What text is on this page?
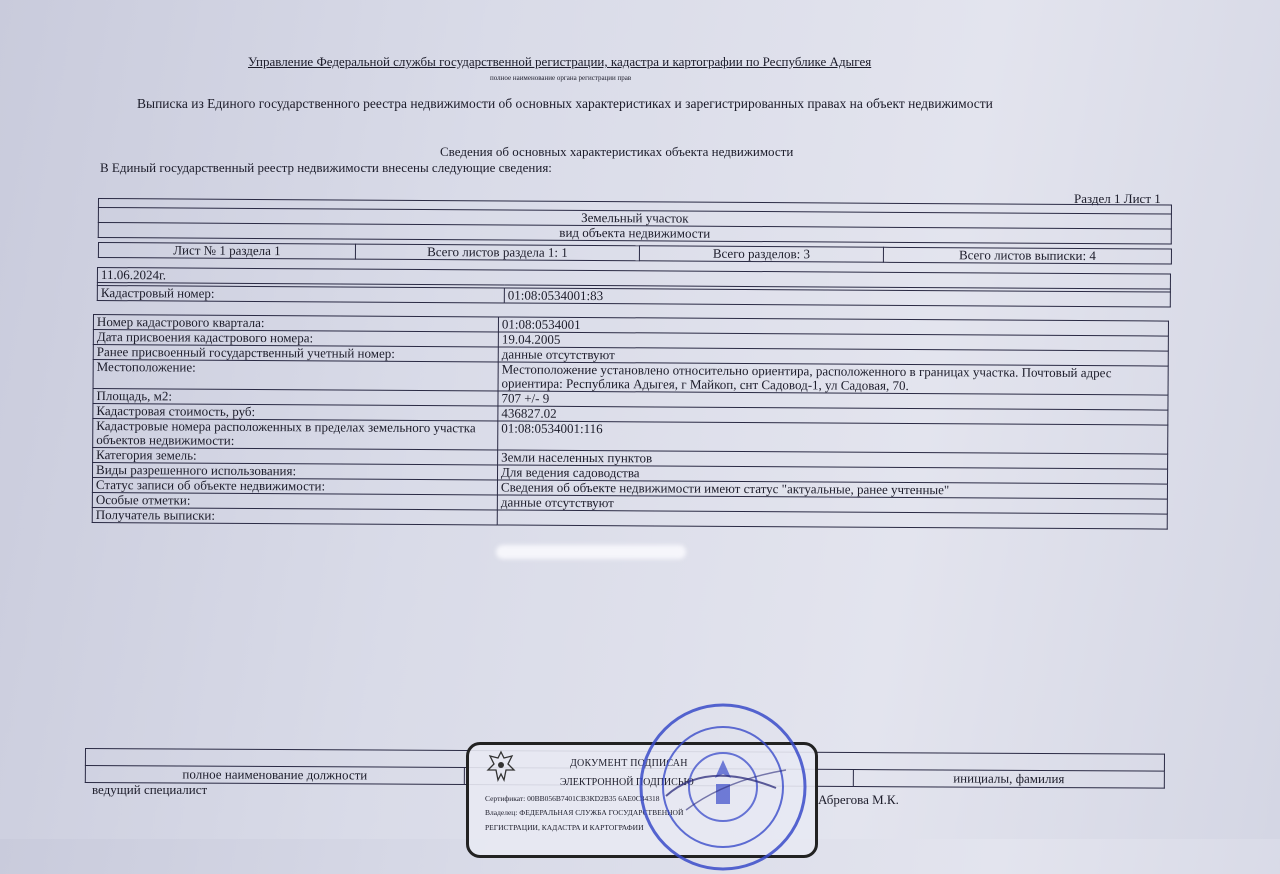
Управление Федеральной службы государственной регистрации, кадастра и картографии по Республике Адыгея
полное наименование органа регистрации прав
Выписка из Единого государственного реестра недвижимости об основных характеристиках и зарегистрированных правах на объект недвижимости
Сведения об основных характеристиках объекта недвижимости
В Единый государственный реестр недвижимости внесены следующие сведения:
Раздел 1 Лист 1

Земельный участок
вид объекта недвижимости
Лист № 1 раздела 1	Всего листов раздела 1: 1	Всего разделов: 3	Всего листов выписки: 4
11.06.2024г.

Кадастровый номер:	01:08:0534001:83
Номер кадастрового квартала:	01:08:0534001
Дата присвоения кадастрового номера:	19.04.2005
Ранее присвоенный государственный учетный номер:	данные отсутствуют
Местоположение:	Местоположение установлено относительно ориентира, расположенного в границах участка. Почтовый адрес ориентира: Республика Адыгея, г Майкоп, снт Садовод-1, ул Садовая, 70.
Площадь, м2:	707 +/- 9
Кадастровая стоимость, руб:	436827.02
Кадастровые номера расположенных в пределах земельного участка объектов недвижимости:	01:08:0534001:116
Категория земель:	Земли населенных пунктов
Виды разрешенного использования:	Для ведения садоводства
Статус записи об объекте недвижимости:	Сведения об объекте недвижимости имеют статус "актуальные, ранее учтенные"
Особые отметки:	данные отсутствуют
Получатель выписки:	

полное наименование должности		инициалы, фамилия
ведущий специалист
Абрегова М.К.
ДОКУМЕНТ ПОДПИСАН
ЭЛЕКТРОННОЙ ПОДПИСЬЮ
Сертификат: 00ВВ056В7401СВ3КD2В35 6АЕ0С84318
Владелец: ФЕДЕРАЛЬНАЯ СЛУЖБА ГОСУДАРСТВЕННОЙ
РЕГИСТРАЦИИ, КАДАСТРА И КАРТОГРАФИИ
